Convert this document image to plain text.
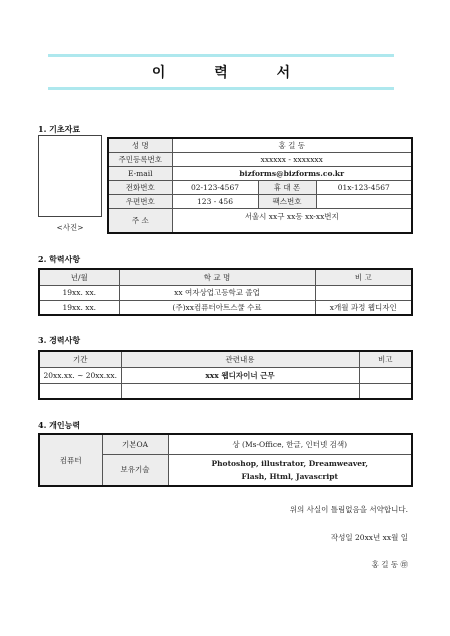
이 력 서
1. 기초자료
<사진>
성 명	홍 길 동		
주민등록번호	xxxxxx - xxxxxxx		
E-mail	bizforms@bizforms.co.kr		
전화번호	02-123-4567	휴 대 폰	01x-123-4567
우편번호	123 - 456	팩스번호	
주 소	서울시 xx구 xx동 xx-xx번지		
2. 학력사항
년/월	학 교 명	비 고
19xx. xx.	xx 여자상업고등학교 졸업	
19xx. xx.	(주)xx컴퓨터아트스쿨 수료	x개월 과정 웹디자인
3. 경력사항
기간	관련내용	비고
20xx.xx. ~ 20xx.xx.	xxx 웹디자이너 근무	

4. 개인능력
컴퓨터	기본OA	상 (Ms-Office, 한글, 인터넷 검색)
	보유기술	Photoshop, illustrator, Dreamweaver,
Flash, Html, Javascript
위의 사실이 틀림없음을 서약합니다.
작성일 20xx년 xx월 일
홍 길 동 ㊞
